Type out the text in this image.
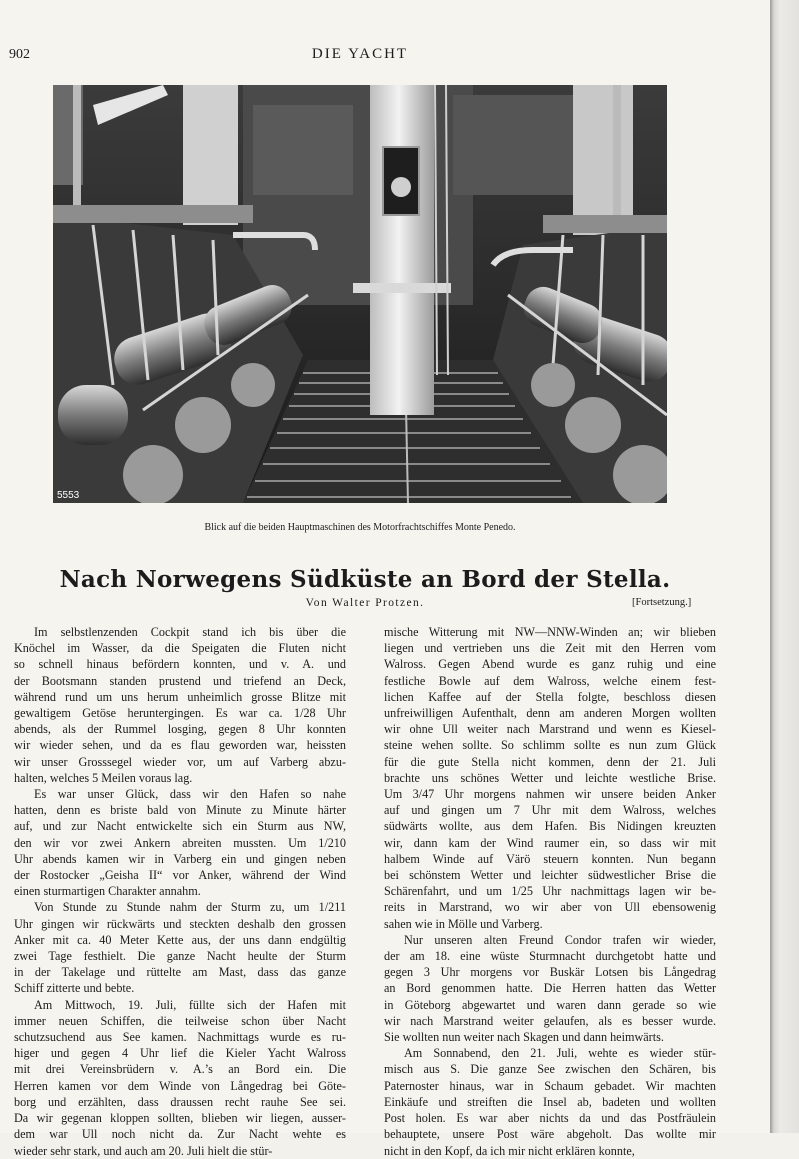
902	DIE YACHT
5553
Blick auf die beiden Hauptmaschinen des Motorfrachtschiffes Monte Penedo.
Nach Norwegens Südküste an Bord der Stella.
Von Walter Protzen.	[Fortsetzung.]
Im selbstlenzenden Cockpit stand ich bis über die
Knöchel im Wasser, da die Speigaten die Fluten nicht
so schnell hinaus befördern konnten, und v. A. und
der Bootsmann standen prustend und triefend an Deck,
während rund um uns herum unheimlich grosse Blitze mit
gewaltigem Getöse heruntergingen. Es war ca. 1/28 Uhr
abends, als der Rummel losging, gegen 8 Uhr konnten
wir wieder sehen, und da es flau geworden war, heissten
wir unser Grosssegel wieder vor, um auf Varberg abzu-
halten, welches 5 Meilen voraus lag.
Es war unser Glück, dass wir den Hafen so nahe
hatten, denn es briste bald von Minute zu Minute härter
auf, und zur Nacht entwickelte sich ein Sturm aus NW,
den wir vor zwei Ankern abreiten mussten. Um 1/210
Uhr abends kamen wir in Varberg ein und gingen neben
der Rostocker „Geisha II“ vor Anker, während der Wind
einen sturmartigen Charakter annahm.
Von Stunde zu Stunde nahm der Sturm zu, um 1/211
Uhr gingen wir rückwärts und steckten deshalb den grossen
Anker mit ca. 40 Meter Kette aus, der uns dann endgültig
zwei Tage festhielt. Die ganze Nacht heulte der Sturm
in der Takelage und rüttelte am Mast, dass das ganze
Schiff zitterte und bebte.
Am Mittwoch, 19. Juli, füllte sich der Hafen mit
immer neuen Schiffen, die teilweise schon über Nacht
schutzsuchend aus See kamen. Nachmittags wurde es ru-
higer und gegen 4 Uhr lief die Kieler Yacht Walross
mit drei Vereinsbrüdern v. A.’s an Bord ein. Die
Herren kamen vor dem Winde von Långedrag bei Göte-
borg und erzählten, dass draussen recht rauhe See sei.
Da wir gegenan kloppen sollten, blieben wir liegen, ausser-
dem war Ull noch nicht da. Zur Nacht wehte es
wieder sehr stark, und auch am 20. Juli hielt die stür-
mische Witterung mit NW—NNW-Winden an; wir blieben
liegen und vertrieben uns die Zeit mit den Herren vom
Walross. Gegen Abend wurde es ganz ruhig und eine
festliche Bowle auf dem Walross, welche einem fest-
lichen Kaffee auf der Stella folgte, beschloss diesen
unfreiwilligen Aufenthalt, denn am anderen Morgen wollten
wir ohne Ull weiter nach Marstrand und wenn es Kiesel-
steine wehen sollte. So schlimm sollte es nun zum Glück
für die gute Stella nicht kommen, denn der 21. Juli
brachte uns schönes Wetter und leichte westliche Brise.
Um 3/47 Uhr morgens nahmen wir unsere beiden Anker
auf und gingen um 7 Uhr mit dem Walross, welches
südwärts wollte, aus dem Hafen. Bis Nidingen kreuzten
wir, dann kam der Wind raumer ein, so dass wir mit
halbem Winde auf Värö steuern konnten. Nun begann
bei schönstem Wetter und leichter südwestlicher Brise die
Schärenfahrt, und um 1/25 Uhr nachmittags lagen wir be-
reits in Marstrand, wo wir aber von Ull ebensowenig
sahen wie in Mölle und Varberg.
Nur unseren alten Freund Condor trafen wir wieder,
der am 18. eine wüste Sturmnacht durchgetobt hatte und
gegen 3 Uhr morgens vor Buskär Lotsen bis Långedrag
an Bord genommen hatte. Die Herren hatten das Wetter
in Göteborg abgewartet und waren dann gerade so wie
wir nach Marstrand weiter gelaufen, als es besser wurde.
Sie wollten nun weiter nach Skagen und dann heimwärts.
Am Sonnabend, den 21. Juli, wehte es wieder stür-
misch aus S. Die ganze See zwischen den Schären, bis
Paternoster hinaus, war in Schaum gebadet. Wir machten
Einkäufe und streiften die Insel ab, badeten und wollten
Post holen. Es war aber nichts da und das Postfräulein
behauptete, unsere Post wäre abgeholt. Das wollte mir
nicht in den Kopf, da ich mir nicht erklären konnte,
